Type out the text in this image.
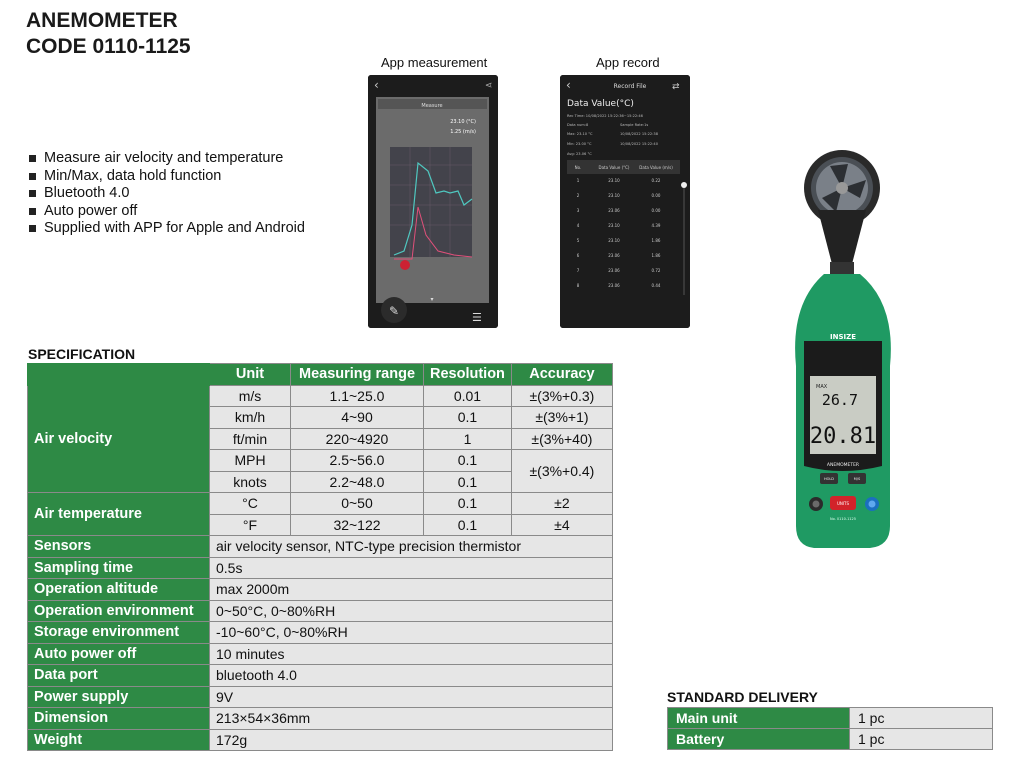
ANEMOMETER
CODE 0110-1125
Measure air velocity and temperature
Min/Max, data hold function
Bluetooth 4.0
Auto power off
Supplied with APP for Apple and Android
App measurement
‹	⋖
Measure
23.10 (°C)
1.25 (m/s)
✎
▾
☰
App record
‹	Record File	⇄
Data Value(°C)
Rec Time: 10/08/2022 15:22:36~15:22:46
Data num:8	Sample Rate:1s
Max: 23.10 °C	10/08/2022 15:22:38
Min: 23.00 °C	10/08/2022 15:22:40
Avg: 23.06 °C
No.	Data Value (°C) Data Value (m/s)
1	23.10	0.22
2	23.10	0.00
3	23.06	0.00
4	23.10	4.39
5	23.10	1.86
6	23.06	1.86
7	23.06	0.72
8	23.06	0.44
INSIZE
MAX
26.7
20.81
ANEMOMETER
HOLD	M/S
UNITS
No. 0110-1125
SPECIFICATION
	Unit	Measuring range	Resolution	Accuracy
Air velocity	m/s	1.1~25.0	0.01	±(3%+0.3)
	km/h	4~90	0.1	±(3%+1)
	ft/min	220~4920	1	±(3%+40)
	MPH	2.5~56.0	0.1	±(3%+0.4)
	knots	2.2~48.0	0.1	
Air temperature	°C	0~50	0.1	±2
	°F	32~122	0.1	±4
Sensors	air velocity sensor, NTC-type precision thermistor			
Sampling time	0.5s			
Operation altitude	max 2000m			
Operation environment	0~50°C, 0~80%RH			
Storage environment	-10~60°C, 0~80%RH			
Auto power off	10 minutes			
Data port	bluetooth 4.0			
Power supply	9V			
Dimension	213×54×36mm			
Weight	172g			
STANDARD DELIVERY
Main unit	1 pc
Battery	1 pc
